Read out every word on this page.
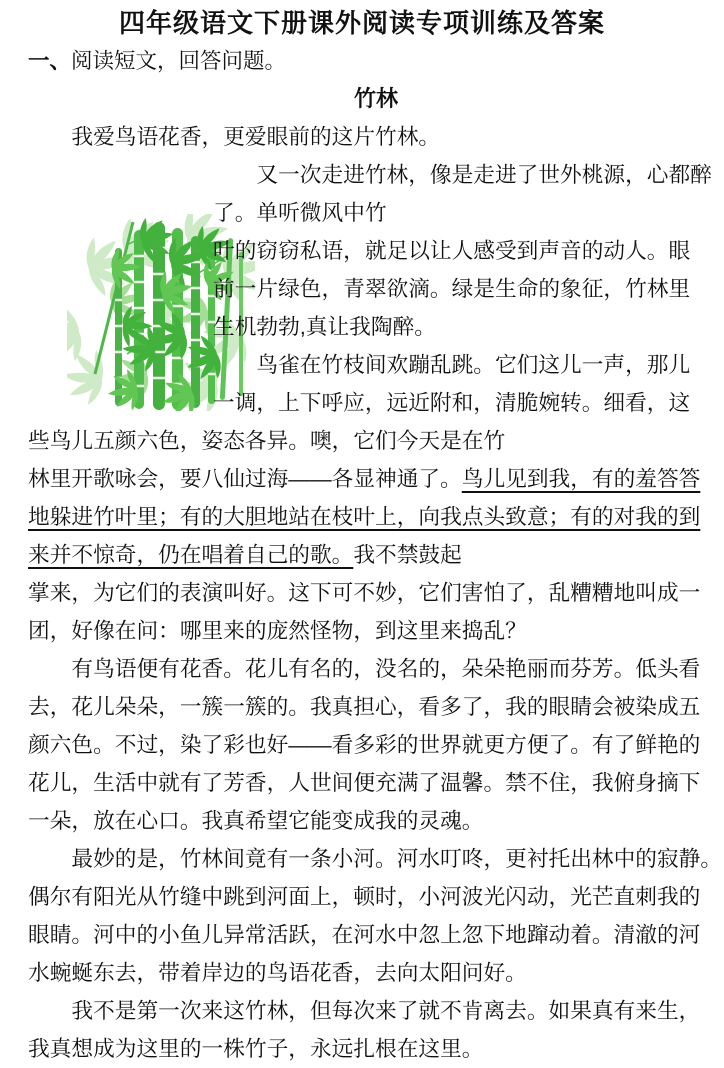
四年级语文下册课外阅读专项训练及答案
一、阅读短文，回答问题。
竹林

我爱鸟语花香，更爱眼前的这片竹林。

又一次走进竹林，像是走进了世外桃源，心都醉了。单听微风中竹
叶的窃窃私语，就足以让人感受到声音的动人。眼
前一片绿色，青翠欲滴。绿是生命的象征，竹林里
生机勃勃,真让我陶醉。

鸟雀在竹枝间欢蹦乱跳。它们这儿一声，那儿
一调，上下呼应，远近附和，清脆婉转。细看，这
些鸟儿五颜六色，姿态各异。噢，它们今天是在竹
林里开歌咏会，要八仙过海——各显神通了。鸟儿见到我，有的羞答答
地躲进竹叶里；有的大胆地站在枝叶上，向我点头致意；有的对我的到
来并不惊奇，仍在唱着自己的歌。我不禁鼓起
掌来，为它们的表演叫好。这下可不妙，它们害怕了，乱糟糟地叫成一
团，好像在问：哪里来的庞然怪物，到这里来捣乱？

有鸟语便有花香。花儿有名的，没名的，朵朵艳丽而芬芳。低头看
去，花儿朵朵，一簇一簇的。我真担心，看多了，我的眼睛会被染成五
颜六色。不过，染了彩也好——看多彩的世界就更方便了。有了鲜艳的
花儿，生活中就有了芳香，人世间便充满了温馨。禁不住，我俯身摘下
一朵，放在心口。我真希望它能变成我的灵魂。

最妙的是，竹林间竟有一条小河。河水叮咚，更衬托出林中的寂静。
偶尔有阳光从竹缝中跳到河面上，顿时，小河波光闪动，光芒直刺我的
眼睛。河中的小鱼儿异常活跃，在河水中忽上忽下地蹿动着。清澈的河
水蜿蜒东去，带着岸边的鸟语花香，去向太阳问好。

我不是第一次来这竹林，但每次来了就不肯离去。如果真有来生，
我真想成为这里的一株竹子，永远扎根在这里。
